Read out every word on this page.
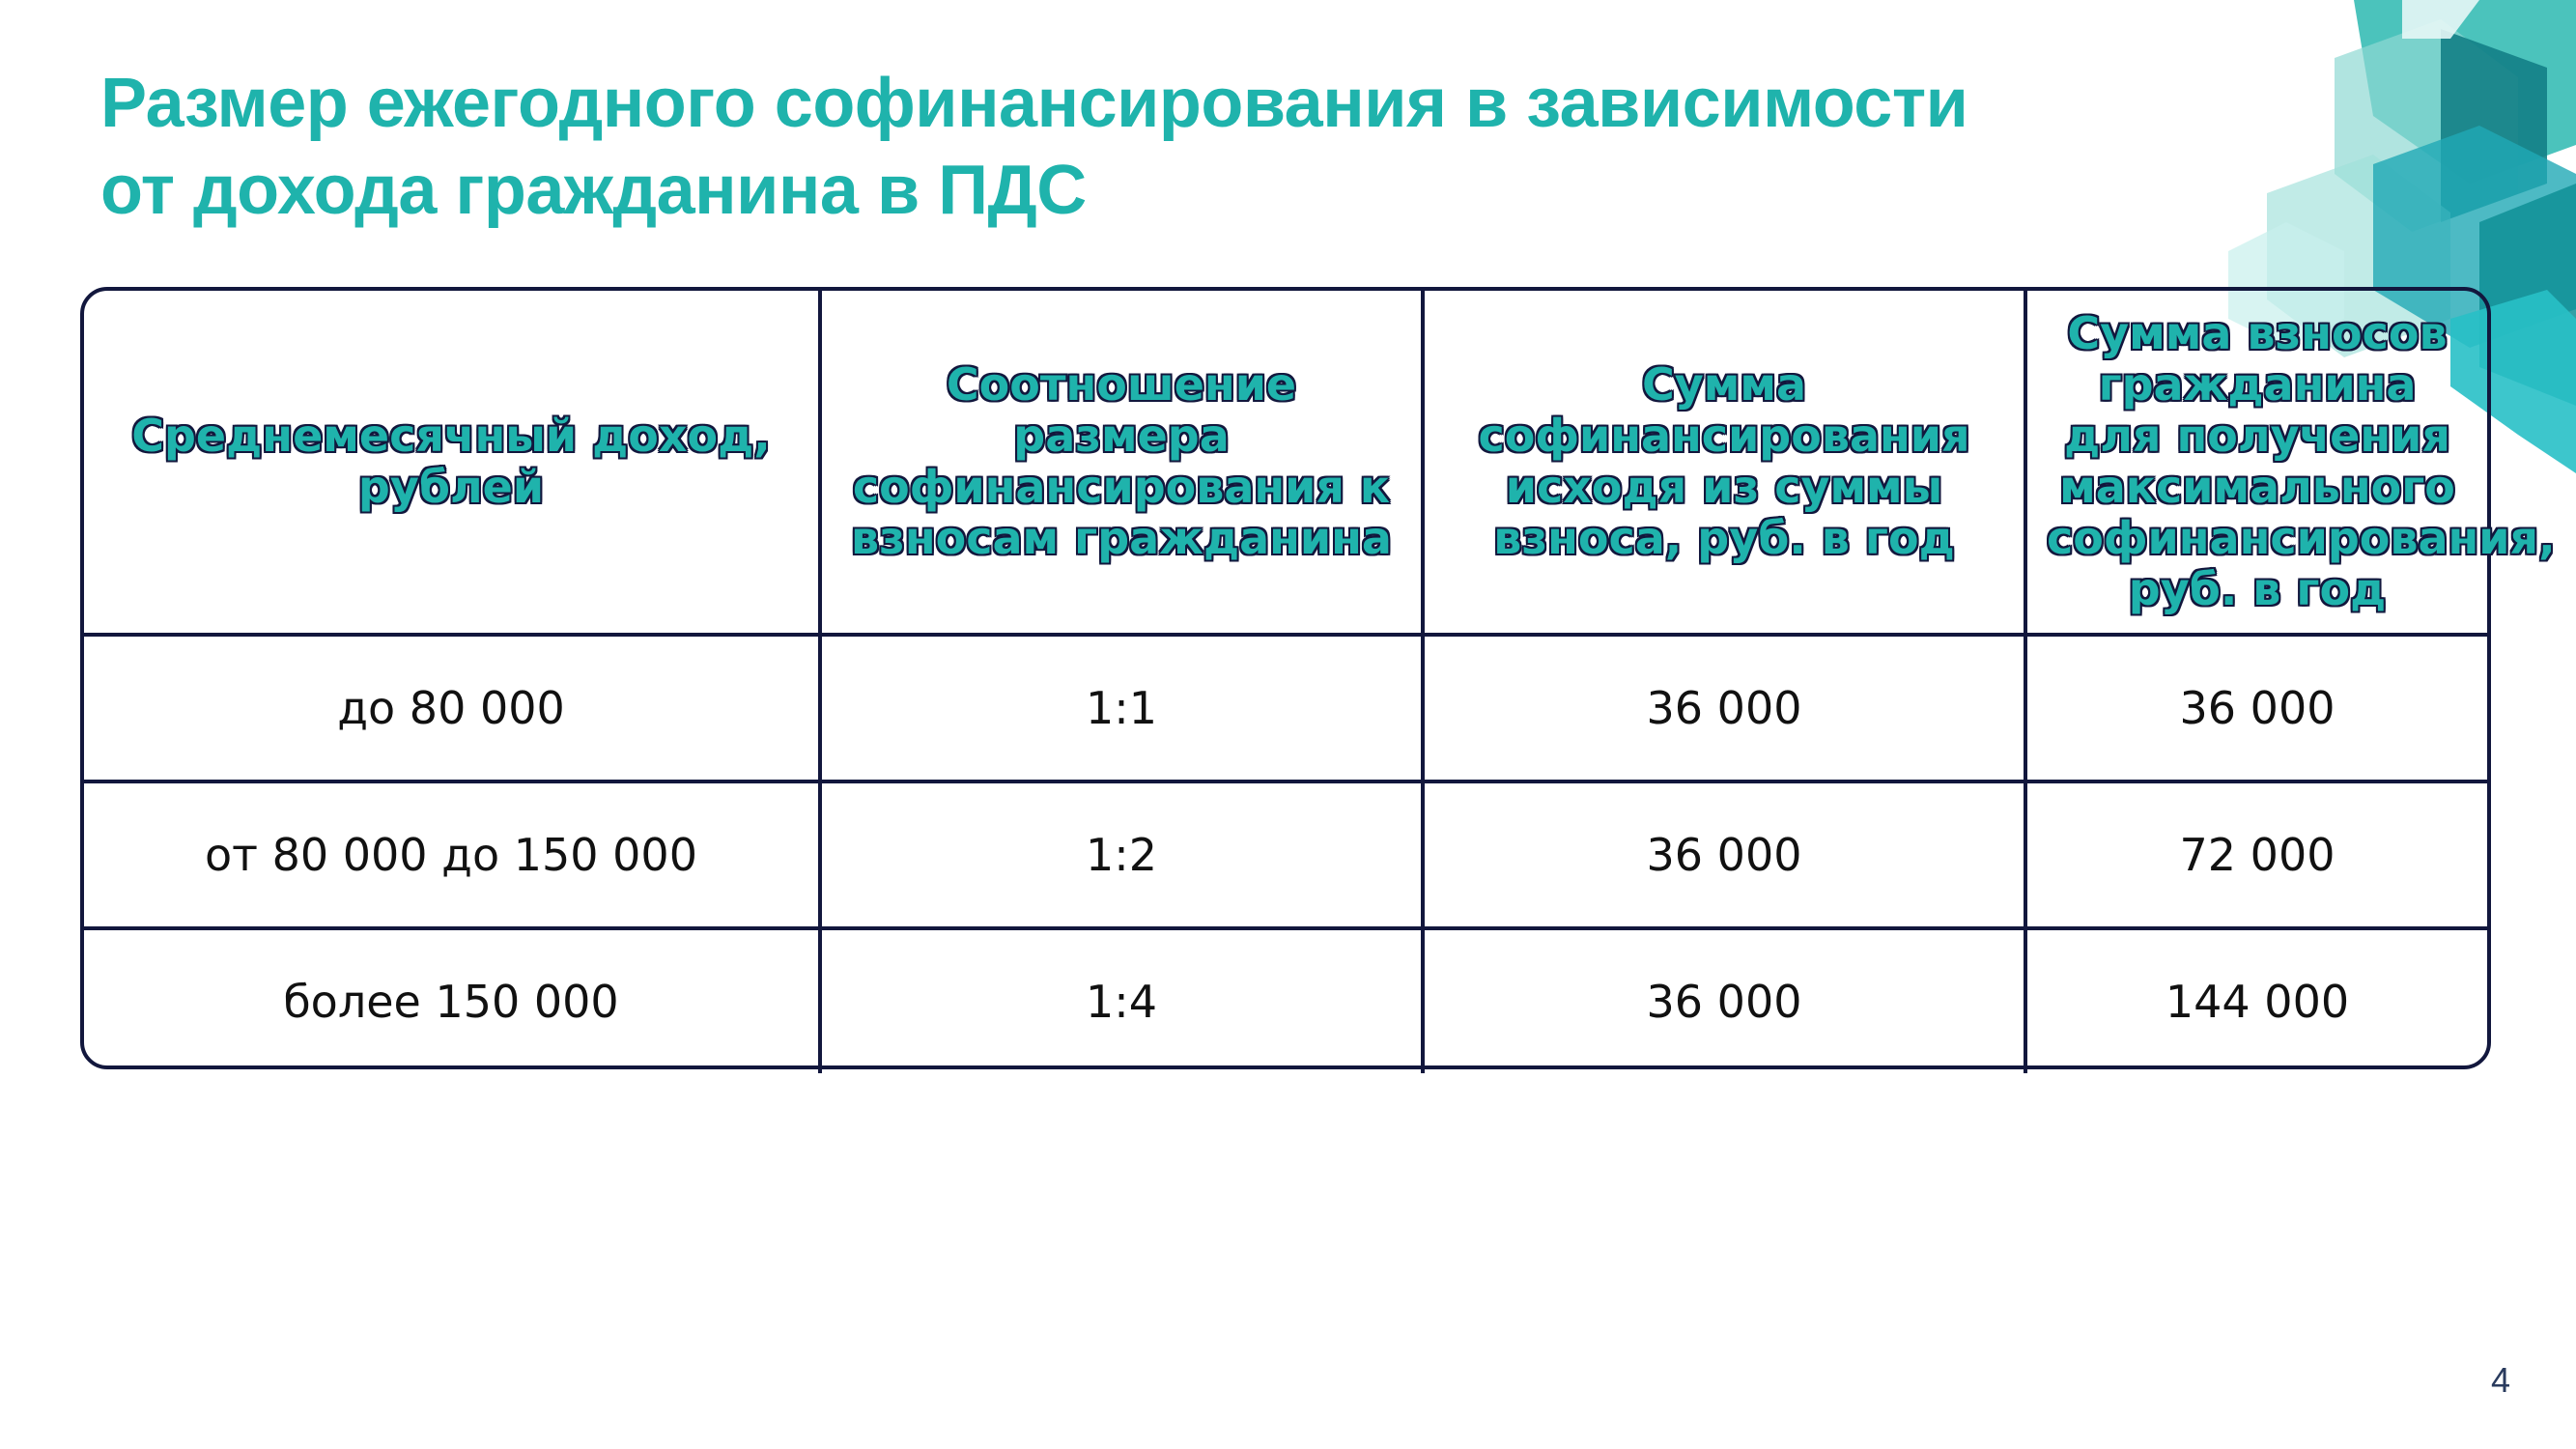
Размер ежегодного софинансирования в зависимости
от дохода гражданина в ПДС
Среднемесячный доход, рублей	Соотношение размера софинансирования к взносам гражданина	Сумма софинансирования исходя из суммы взноса, руб. в год	Сумма взносов гражданина для получения максимального софинансирования, руб. в год
до 80 000	1:1	36 000	36 000
от 80 000 до 150 000	1:2	36 000	72 000
более 150 000	1:4	36 000	144 000
4
